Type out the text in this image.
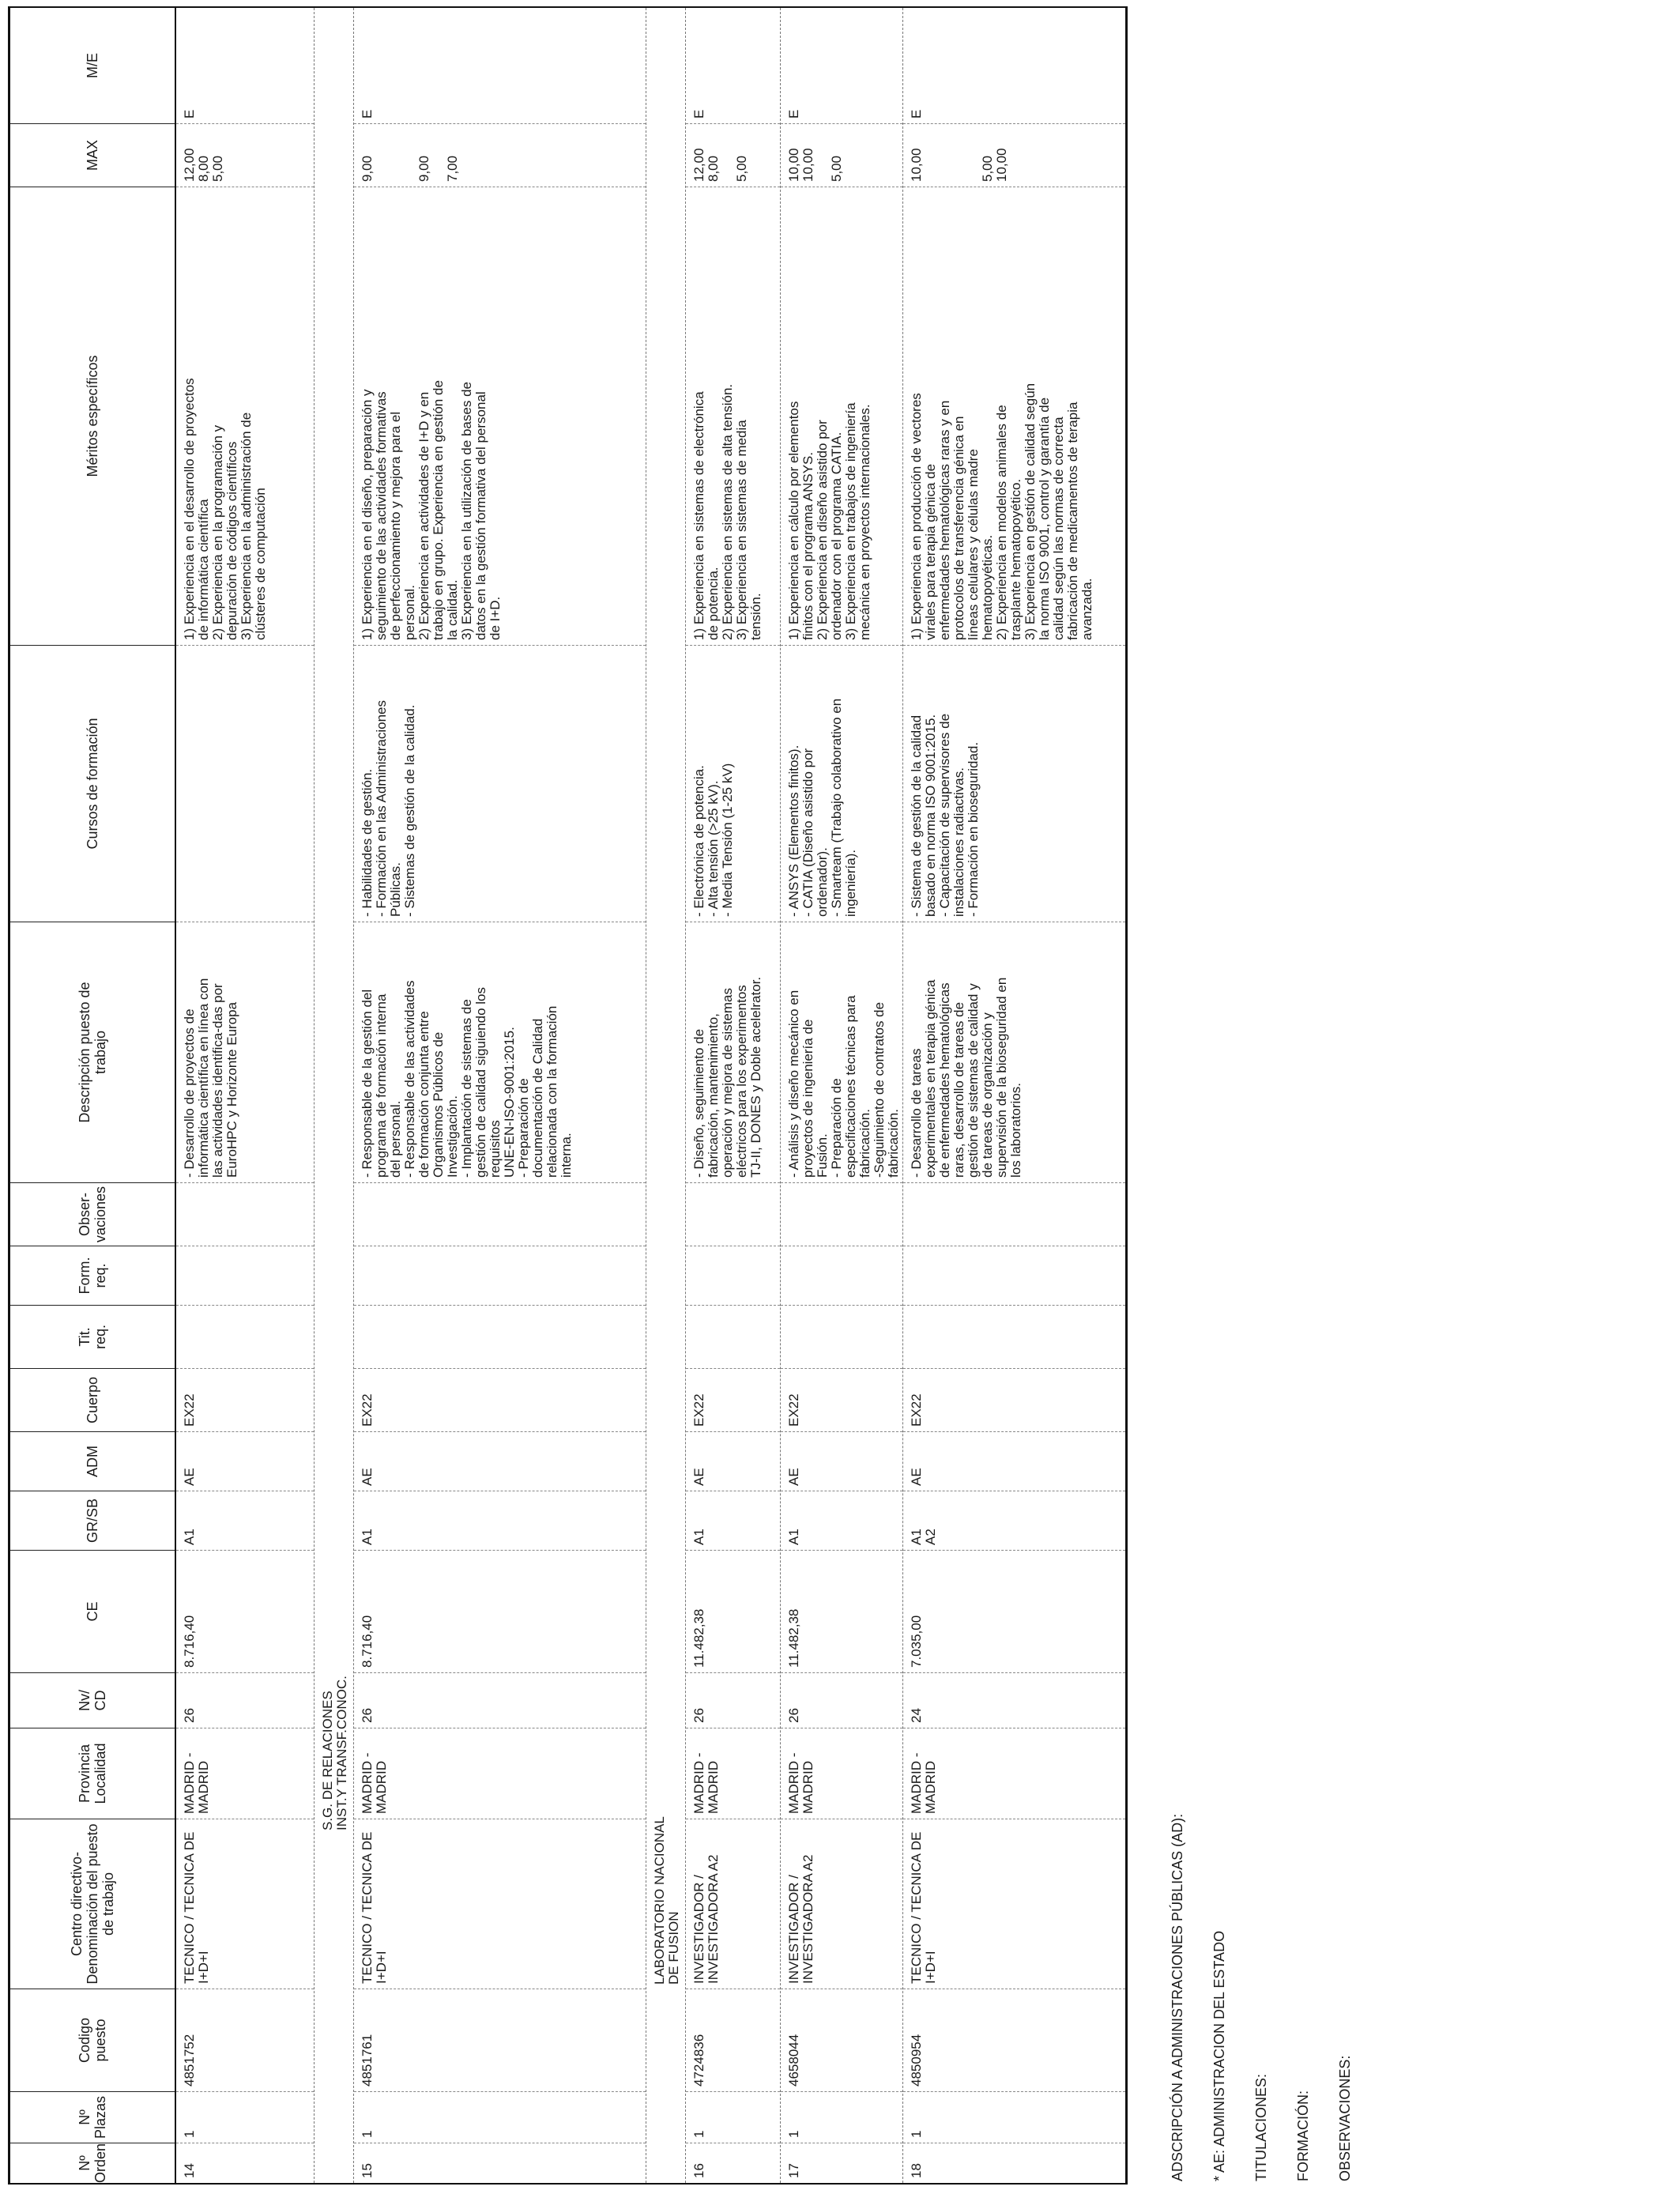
Nº
Orden
Nº
Plazas
Codigo
puesto
Centro directivo-
Denominación del puesto
de trabajo
Provincia
Localidad
Nv/
CD
CE
GR/SB
ADM
Cuerpo
Tit.
req.
Form.
req.
Obser-
vaciones
Descripción puesto de
trabajo
Cursos de formación
Méritos específicos
MAX
M/E
14
1
4851752
TECNICO / TECNICA DE I+D+I
MADRID -
MADRID
26
8.716,40
A1
AE
EX22
- Desarrollo de proyectos de
informática científica en línea con
las actividades identifica-das por
EuroHPC y Horizonte Europa
1) Experiencia en el desarrollo de proyectos
de informática científica
2) Experiencia en la programación y
depuración de códigos científicos
3) Experiencia en la administración de
clústeres de computación
12,00
8,00
5,00
E
S.G. DE RELACIONES INST.Y TRANSF.CONOC.
15
1
4851761
TECNICO / TECNICA DE I+D+I
MADRID -
MADRID
26
8.716,40
A1
AE
EX22
- Responsable de la gestión del
programa de formación interna
del personal.
- Responsable de las actividades
de formación conjunta entre
Organismos Públicos de
Investigación.
- Implantación de sistemas de
gestión de calidad siguiendo los
requisitos
UNE-EN-ISO-9001:2015.
- Preparación de
documentación de Calidad
relacionada con la formación
interna.
- Habilidades de gestión.
- Formación en las Administraciones
Públicas.
- Sistemas de gestión de la calidad.
1) Experiencia en el diseño, preparación y
seguimiento de las actividades formativas
de perfeccionamiento y mejora para el
personal.
2) Experiencia en actividades de I+D y en
trabajo en grupo. Experiencia en gestión de
la calidad.
3) Experiencia en la utilización de bases de
datos en la gestión formativa del personal
de I+D.
9,00

9,00

7,00
E
LABORATORIO NACIONAL DE FUSION
16
1
4724836
INVESTIGADOR /
INVESTIGADORA A2
MADRID -
MADRID
26
11.482,38
A1
AE
EX22
- Diseño, seguimiento de
fabricación, mantenimiento,
operación y mejora de sistemas
eléctricos para los experimentos
TJ-II, DONES y Doble acelelrator.
- Electrónica de potencia.
- Alta tensión (>25 kV).
- Media Tensión (1-25 kV)
1) Experiencia en sistemas de electrónica
de potencia.
2) Experiencia en sistemas de alta tensión.
3) Experiencia en sistemas de media
tensión.
12,00
8,00

5,00
E
17
1
4658044
INVESTIGADOR /
INVESTIGADORA A2
MADRID -
MADRID
26
11.482,38
A1
AE
EX22
- Análisis y diseño mecánico en
proyectos de ingeniería de
Fusión.
- Preparación de
especificaciones técnicas para
fabricación.
-Seguimiento de contratos de
fabricación.
- ANSYS (Elementos finitos).
- CATIA (Diseño asistido por
ordenador).
- Smarteam (Trabajo colaborativo en
ingeniería).
1) Experiencia en cálculo por elementos
finitos con el programa ANSYS.
2) Experiencia en diseño asistido por
ordenador con el programa CATIA.
3) Experiencia en trabajos de ingeniería
mecánica en proyectos internacionales.
10,00
10,00

5,00
E
18
1
4850954
TECNICO / TECNICA DE I+D+I
MADRID -
MADRID
24
7.035,00
A1
A2
AE
EX22
- Desarrollo de tareas
experimentales en terapia génica
de enfermedades hematológicas
raras, desarrollo de tareas de
gestión de sistemas de calidad y
de tareas de organización y
supervisión de la bioseguridad en
los laboratorios.
- Sistema de gestión de la calidad
basado en norma ISO 9001:2015.
- Capacitación de supervisores de
instalaciones radiactivas.
- Formación en bioseguridad.
1) Experiencia en producción de vectores
virales para terapia génica de
enfermedades hematológicas raras y en
protocolos de transferencia génica en
líneas celulares y células madre
hematopoyéticas.
2) Experiencia en modelos animales de
trasplante hematopoyético.
3) Experiencia en gestión de calidad según
la norma ISO 9001, control y garantía de
calidad según las normas de correcta
fabricación de medicamentos de terapia
avanzada.
10,00

5,00
10,00
E
ADSCRIPCIÓN A ADMINISTRACIONES PÚBLICAS (AD): * AE: ADMINISTRACION DEL ESTADO TITULACIONES: FORMACIÓN: OBSERVACIONES:
